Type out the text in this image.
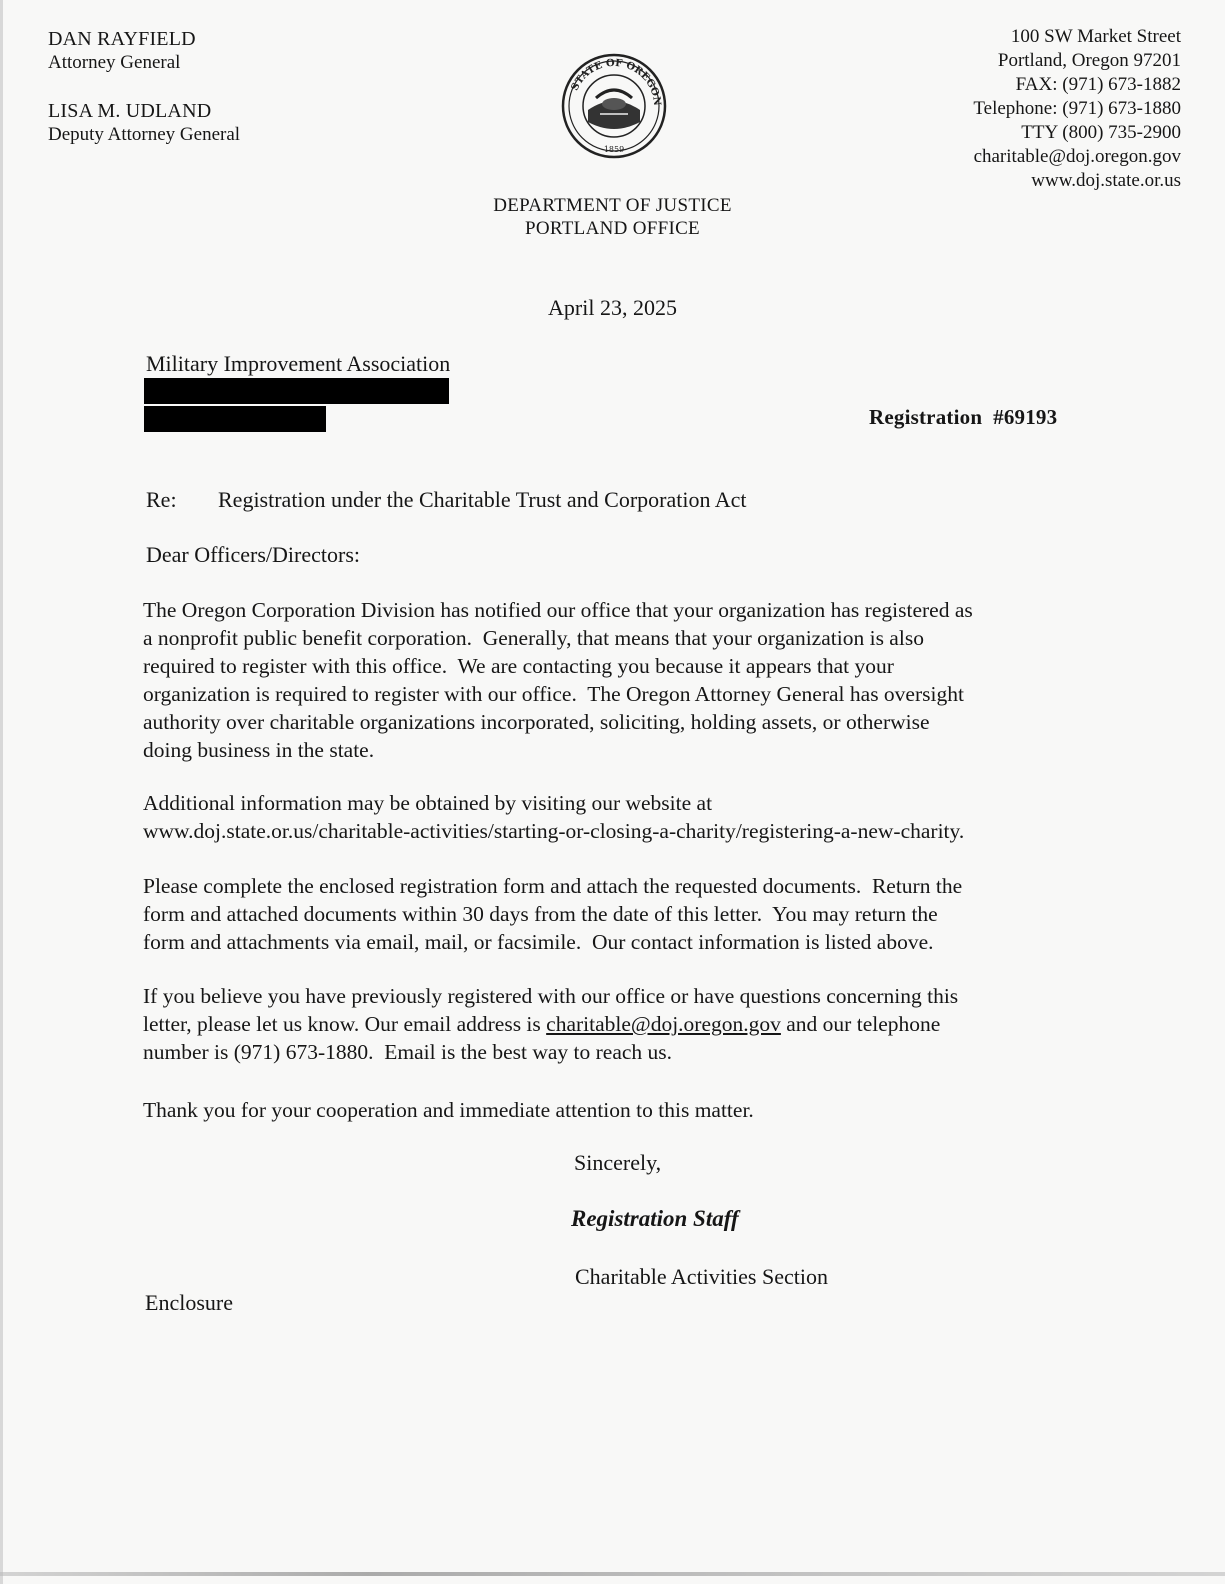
DAN RAYFIELD
Attorney General
LISA M. UDLAND
Deputy Attorney General
STATE OF OREGON
1859
100 SW Market Street
Portland, Oregon 97201
FAX: (971) 673-1882
Telephone: (971) 673-1880
TTY (800) 735-2900
charitable@doj.oregon.gov
www.doj.state.or.us
DEPARTMENT OF JUSTICE
PORTLAND OFFICE
April 23, 2025
Military Improvement Association
Registration  #69193
Re: Registration under the Charitable Trust and Corporation Act
Dear Officers/Directors:
The Oregon Corporation Division has notified our office that your organization has registered as
a nonprofit public benefit corporation.  Generally, that means that your organization is also
required to register with this office.  We are contacting you because it appears that your
organization is required to register with our office.  The Oregon Attorney General has oversight
authority over charitable organizations incorporated, soliciting, holding assets, or otherwise
doing business in the state.
Additional information may be obtained by visiting our website at
www.doj.state.or.us/charitable-activities/starting-or-closing-a-charity/registering-a-new-charity.
Please complete the enclosed registration form and attach the requested documents.  Return the
form and attached documents within 30 days from the date of this letter.  You may return the
form and attachments via email, mail, or facsimile.  Our contact information is listed above.
If you believe you have previously registered with our office or have questions concerning this
letter, please let us know. Our email address is charitable@doj.oregon.gov and our telephone
number is (971) 673-1880.  Email is the best way to reach us.
Thank you for your cooperation and immediate attention to this matter.
Sincerely,
Registration Staff
Charitable Activities Section
Enclosure
